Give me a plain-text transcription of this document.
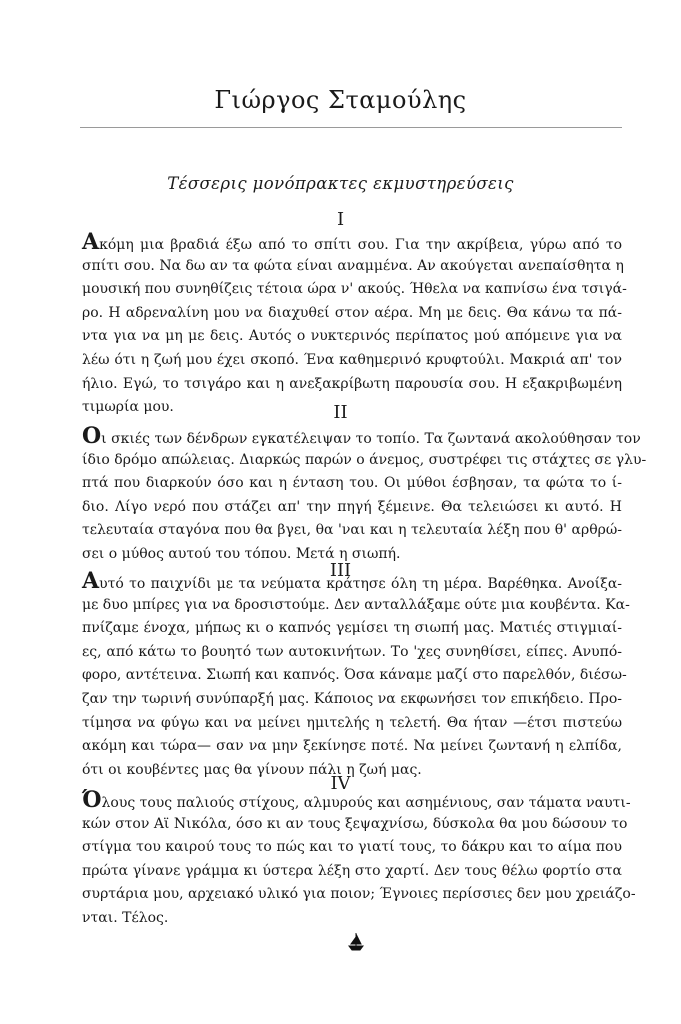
Γιώργος Σταμούλης
Τέσσερις μονόπρακτες εκμυστηρεύσεις
I
Ακόμη μια βραδιά έξω από το σπίτι σου. Για την ακρίβεια, γύρω από το
σπίτι σου. Να δω αν τα φώτα είναι αναμμένα. Αν ακούγεται ανεπαίσθητα η
μουσική που συνηθίζεις τέτοια ώρα ν' ακούς. Ήθελα να καπνίσω ένα τσιγά-
ρο. Η αδρεναλίνη μου να διαχυθεί στον αέρα. Μη με δεις. Θα κάνω τα πά-
ντα για να μη με δεις. Αυτός ο νυκτερινός περίπατος μού απόμεινε για να
λέω ότι η ζωή μου έχει σκοπό. Ένα καθημερινό κρυφτούλι. Μακριά απ' τον
ήλιο. Εγώ, το τσιγάρο και η ανεξακρίβωτη παρουσία σου. Η εξακριβωμένη
τιμωρία μου.	II
Οι σκιές των δένδρων εγκατέλειψαν το τοπίο. Τα ζωντανά ακολούθησαν τον
ίδιο δρόμο απώλειας. Διαρκώς παρών ο άνεμος, συστρέφει τις στάχτες σε γλυ-
πτά που διαρκούν όσο και η ένταση του. Οι μύθοι έσβησαν, τα φώτα το ί-
διο. Λίγο νερό που στάζει απ' την πηγή ξέμεινε. Θα τελειώσει κι αυτό. Η
τελευταία σταγόνα που θα βγει, θα 'ναι και η τελευταία λέξη που θ' αρθρώ-
σει ο μύθος αυτού του τόπου. Μετά η σιωπή.
III
Αυτό το παιχνίδι με τα νεύματα κράτησε όλη τη μέρα. Βαρέθηκα. Ανοίξα-
με δυο μπίρες για να δροσιστούμε. Δεν ανταλλάξαμε ούτε μια κουβέντα. Κα-
πνίζαμε ένοχα, μήπως κι ο καπνός γεμίσει τη σιωπή μας. Ματιές στιγμιαί-
ες, από κάτω το βουητό των αυτοκινήτων. Το 'χες συνηθίσει, είπες. Ανυπό-
φορο, αντέτεινα. Σιωπή και καπνός. Όσα κάναμε μαζί στο παρελθόν, διέσω-
ζαν την τωρινή συνύπαρξή μας. Κάποιος να εκφωνήσει τον επικήδειο. Προ-
τίμησα να φύγω και να μείνει ημιτελής η τελετή. Θα ήταν —έτσι πιστεύω
ακόμη και τώρα— σαν να μην ξεκίνησε ποτέ. Να μείνει ζωντανή η ελπίδα,
ότι οι κουβέντες μας θα γίνουν πάλι η ζωή μας.
IV
Όλους τους παλιούς στίχους, αλμυρούς και ασημένιους, σαν τάματα ναυτι-
κών στον Αϊ Νικόλα, όσο κι αν τους ξεψαχνίσω, δύσκολα θα μου δώσουν το
στίγμα του καιρού τους το πώς και το γιατί τους, το δάκρυ και το αίμα που
πρώτα γίνανε γράμμα κι ύστερα λέξη στο χαρτί. Δεν τους θέλω φορτίο στα
συρτάρια μου, αρχειακό υλικό για ποιον; Έγνοιες περίσσιες δεν μου χρειάζο-
νται. Τέλος.
